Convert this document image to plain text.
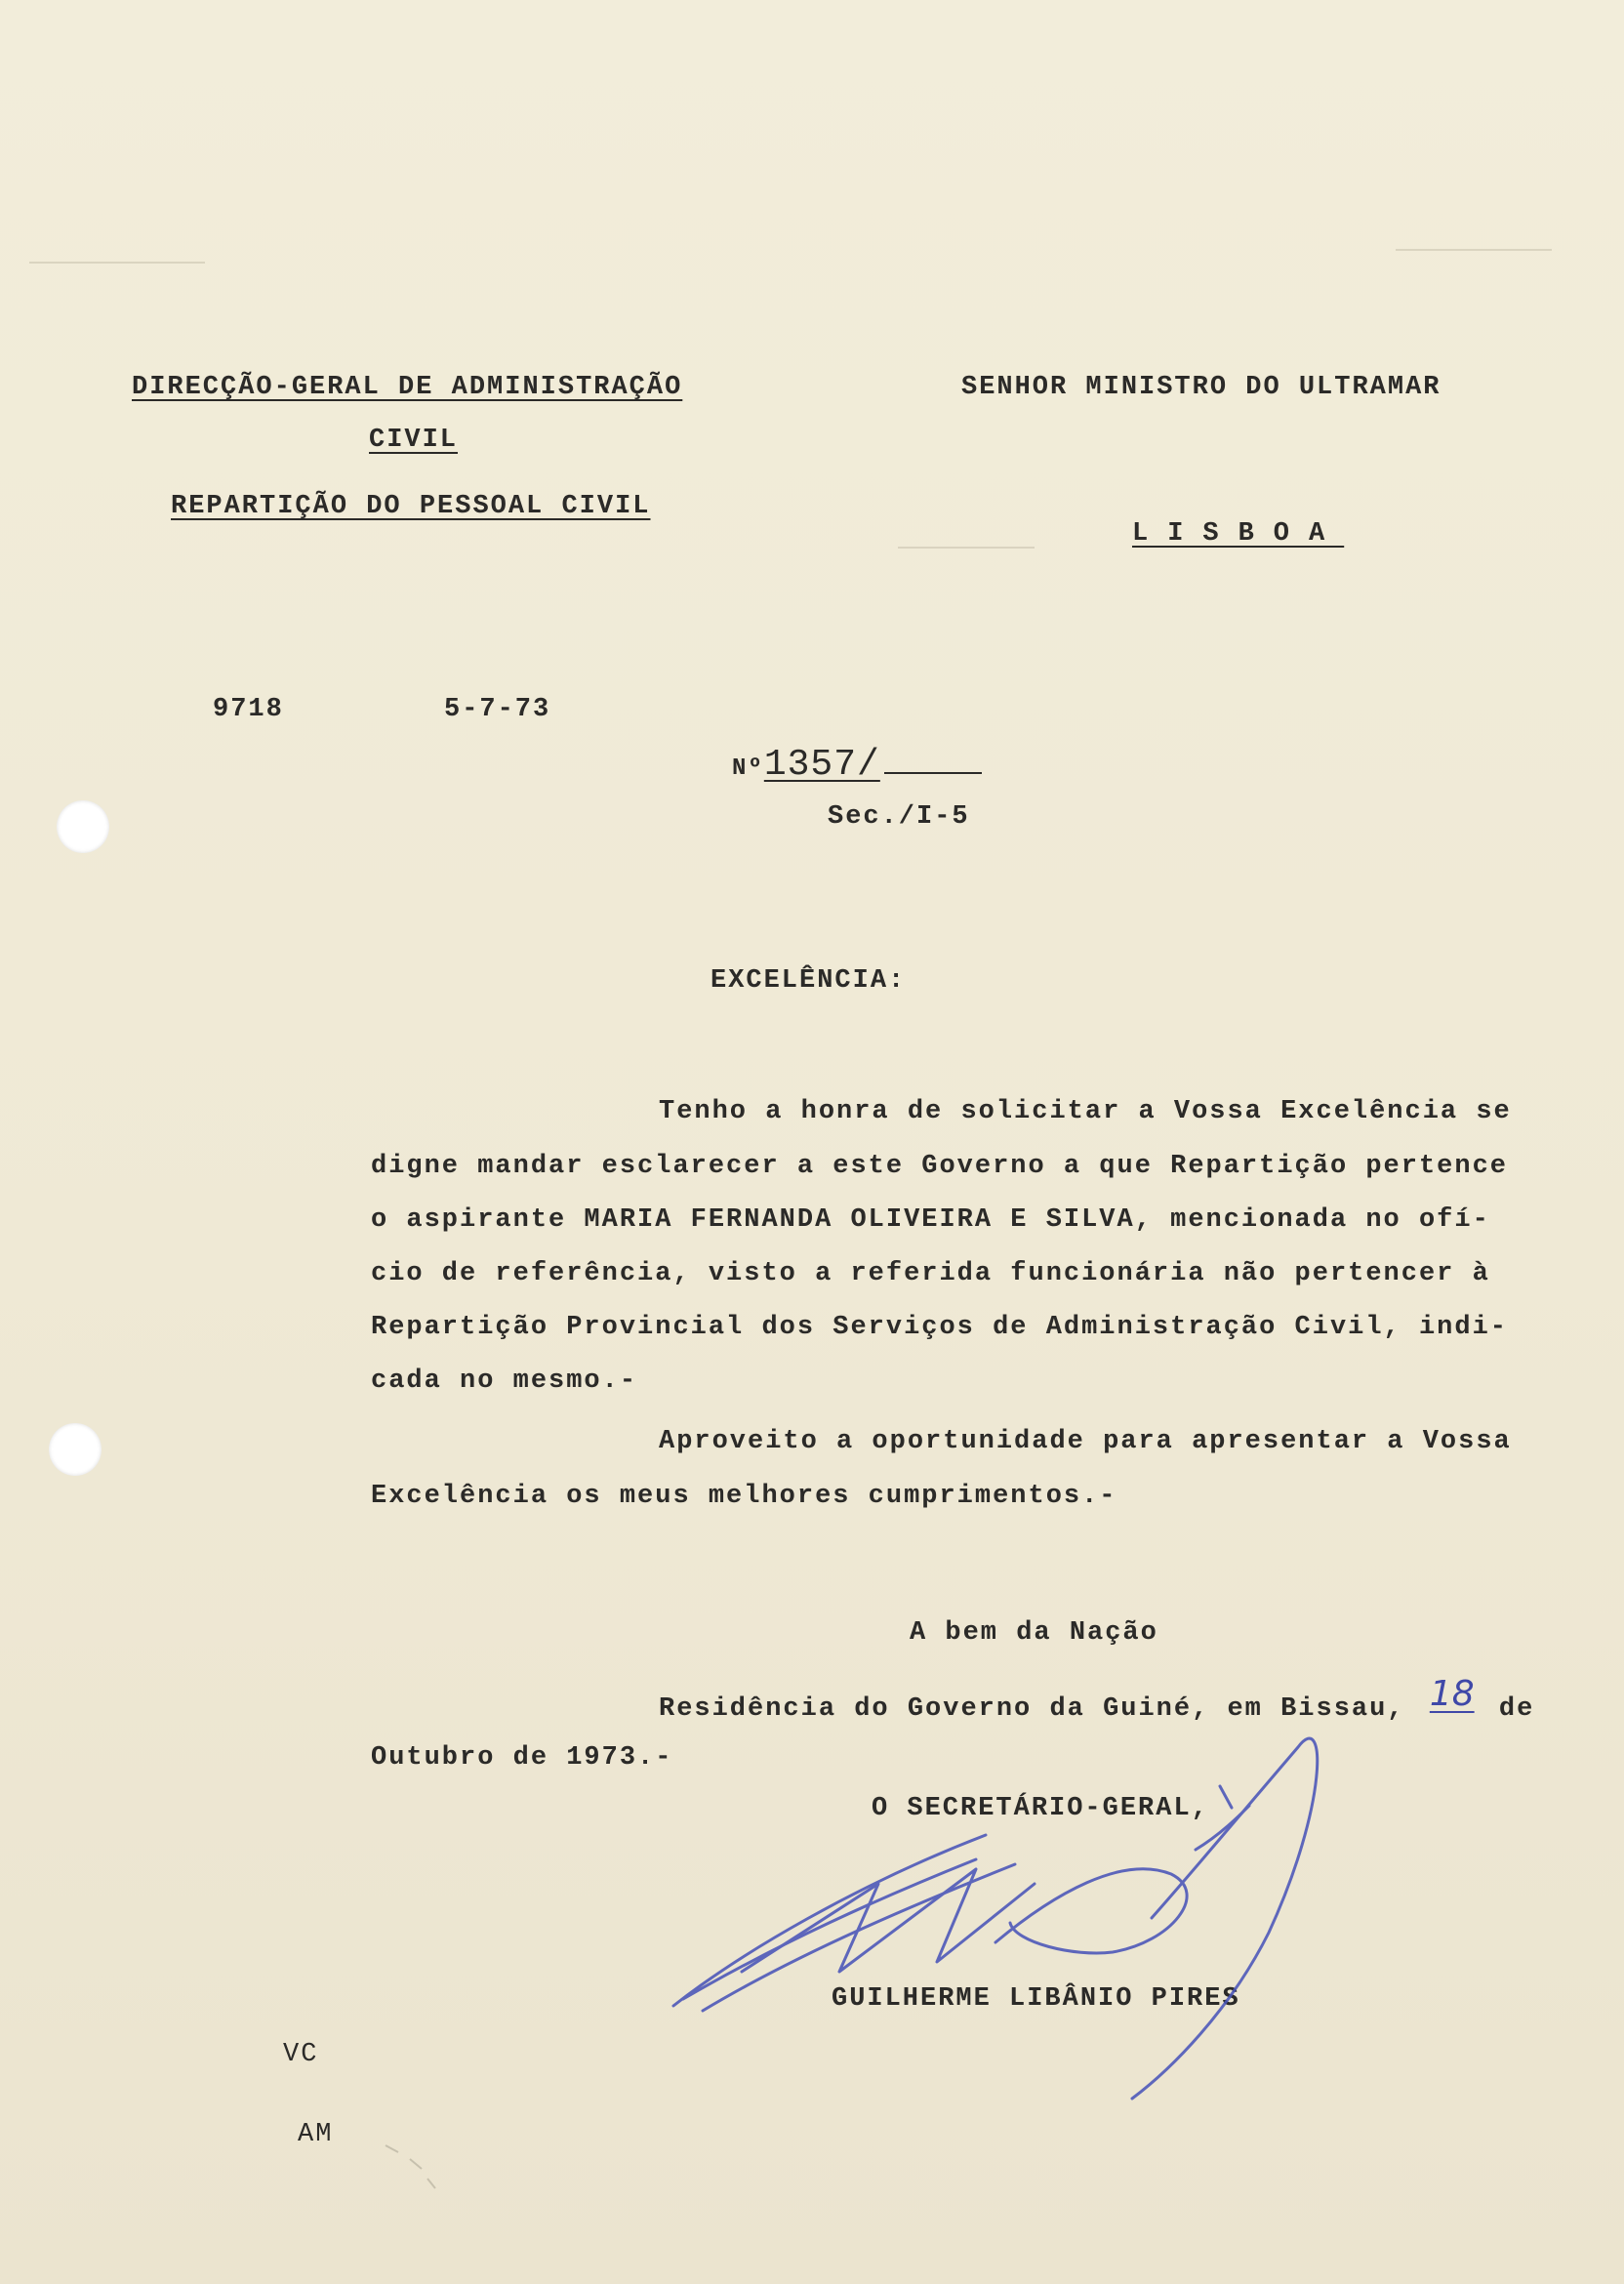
DIRECÇÃO-GERAL DE ADMINISTRAÇÃO
CIVIL
REPARTIÇÃO DO PESSOAL CIVIL
SENHOR MINISTRO DO ULTRAMAR
LISBOA
9718	5-7-73
Nº1357/
Sec./I-5
EXCELÊNCIA:
Tenho a honra de solicitar a Vossa Excelência se
digne mandar esclarecer a este Governo a que Repartição pertence
o aspirante MARIA FERNANDA OLIVEIRA E SILVA, mencionada no ofí-
cio de referência, visto a referida funcionária não pertencer à
Repartição Provincial dos Serviços de Administração Civil, indi-
cada no mesmo.-
Aproveito a oportunidade para apresentar a Vossa
Excelência os meus melhores cumprimentos.-
A bem da Nação
Residência do Governo da Guiné, em Bissau, 18 de
Outubro de 1973.-
O SECRETÁRIO-GERAL,
GUILHERME LIBÂNIO PIRES
VC
AM
